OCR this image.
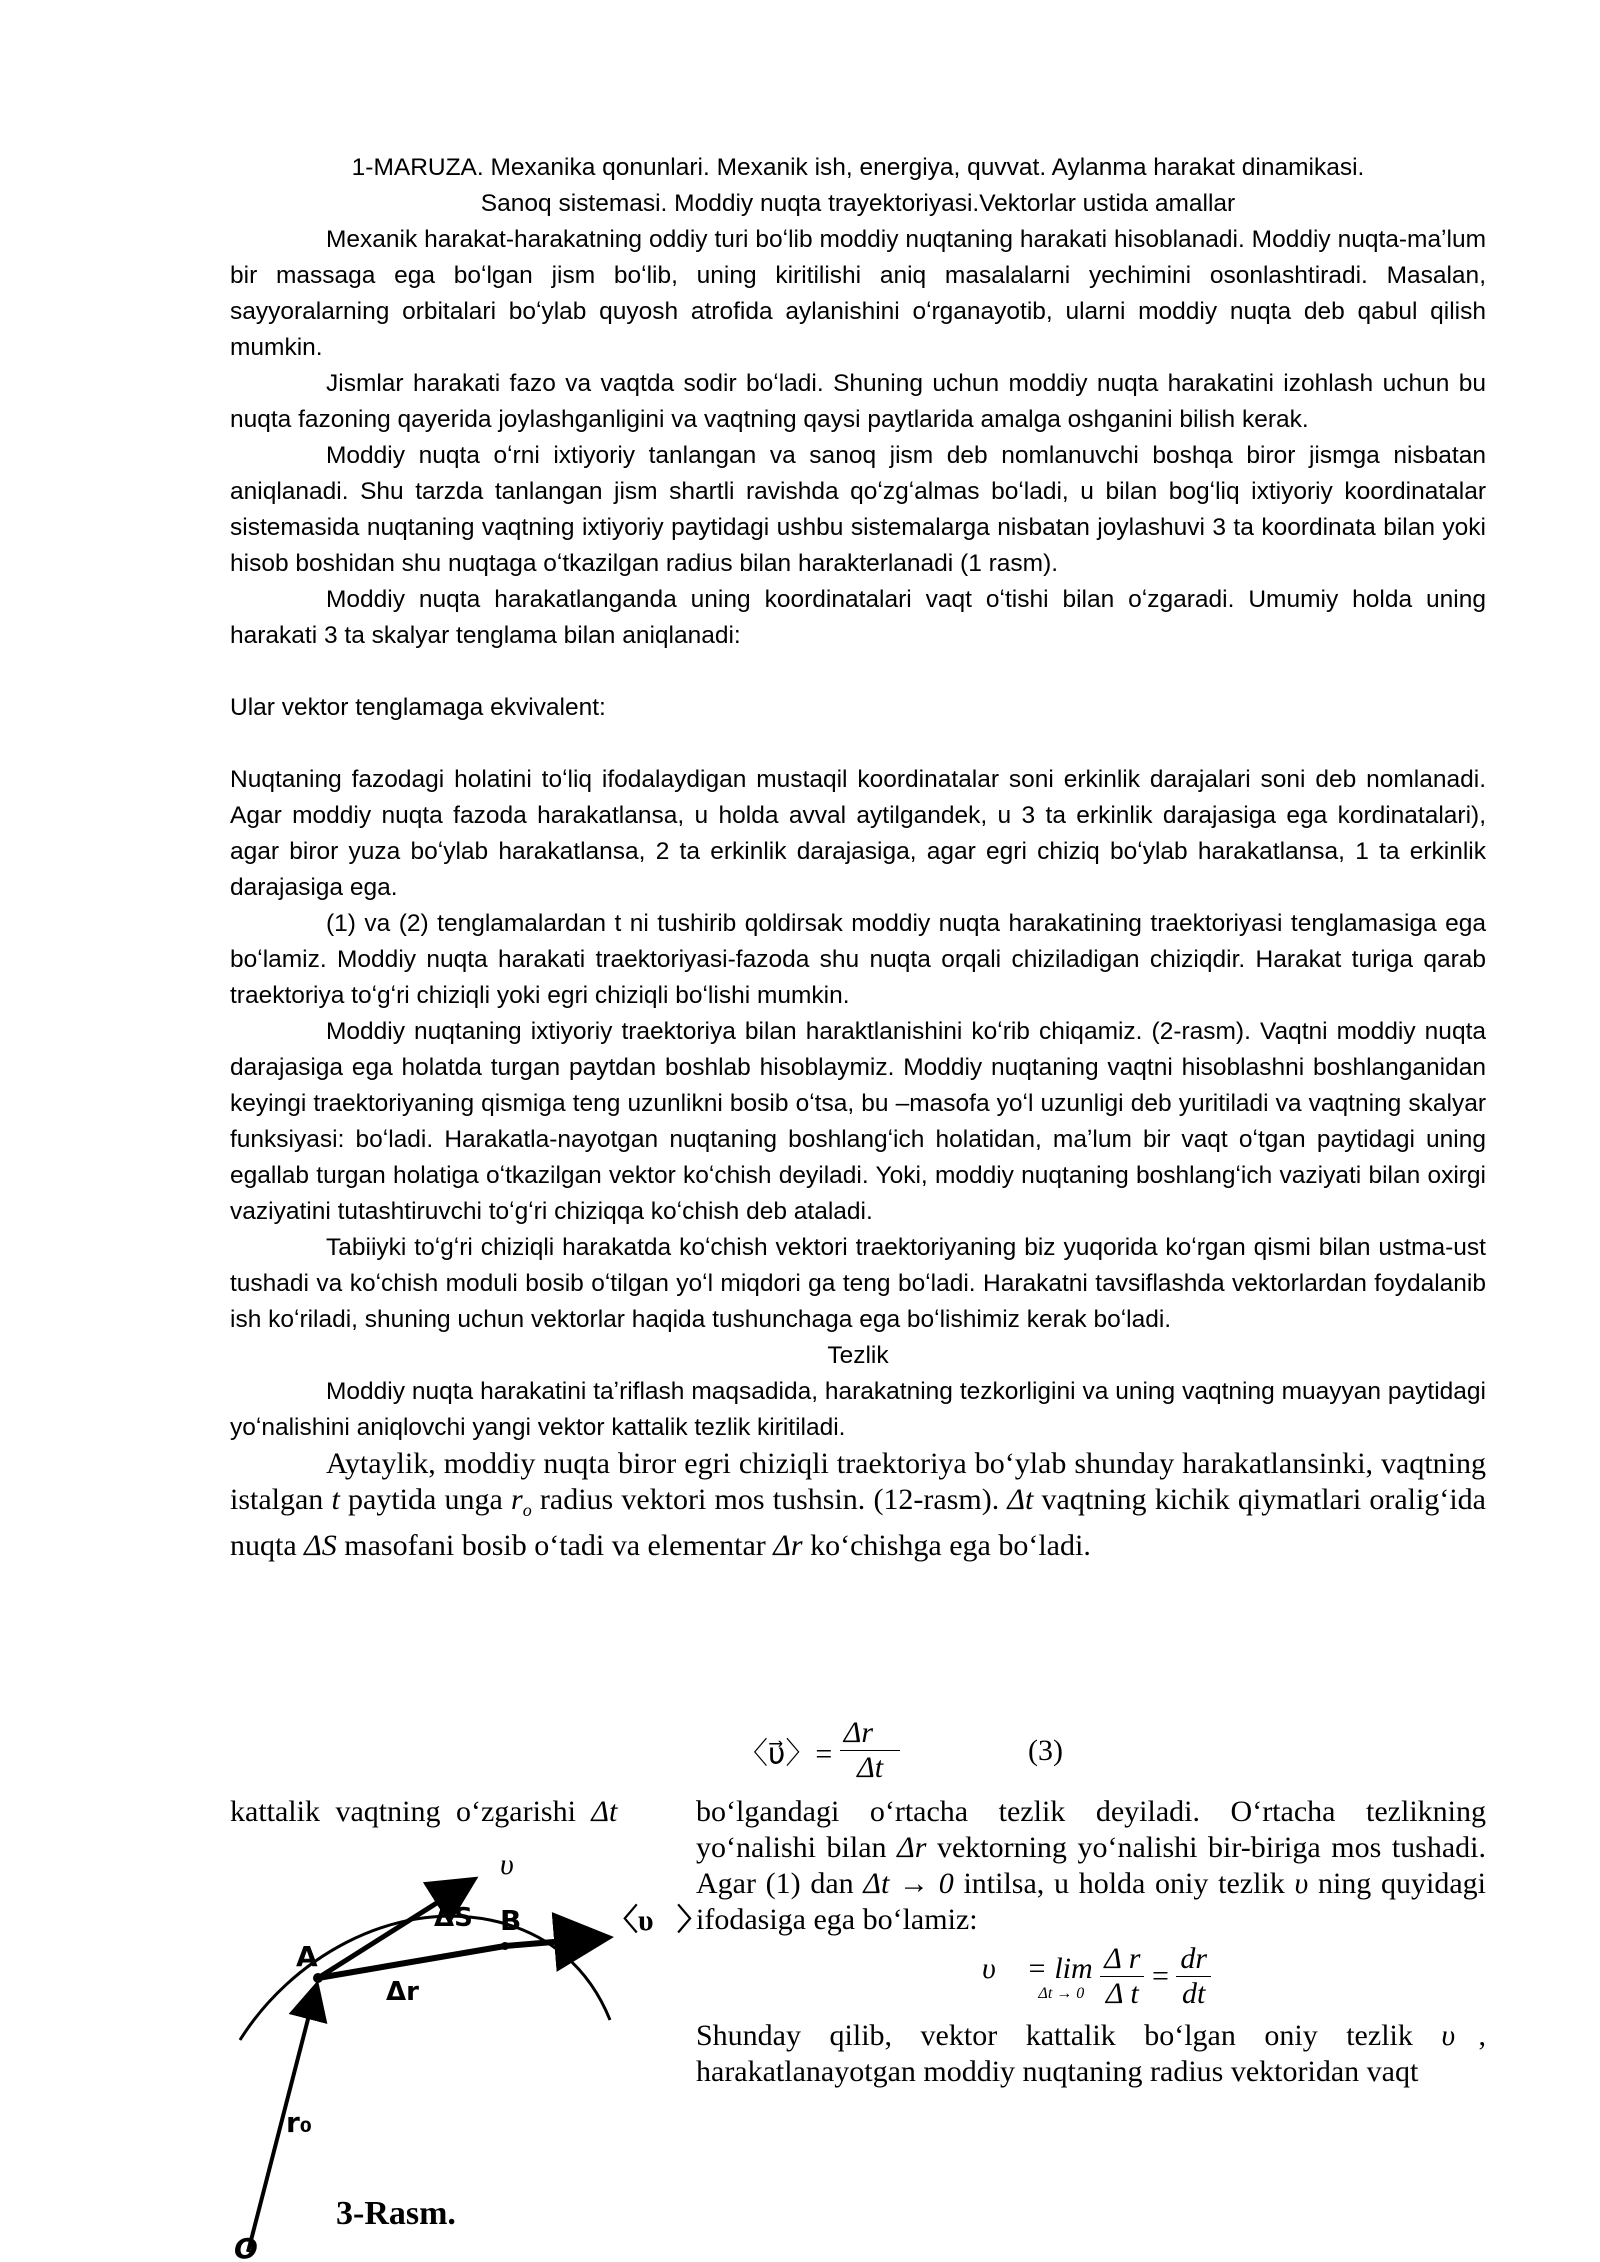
1-MARUZA. Mexanika qonunlari. Mexanik ish, energiya, quvvat. Aylanma harakat dinamikasi.
Sanoq sistemasi. Moddiy nuqta trayektoriyasi.Vektorlar ustida amallar

Mexanik harakat-harakatning oddiy turi boʻlib moddiy nuqtaning harakati hisoblanadi. Moddiy nuqta-maʼlum bir massaga ega boʻlgan jism boʻlib, uning kiritilishi aniq masalalarni yechimini osonlashtiradi. Masalan, sayyoralarning orbitalari boʻylab quyosh atrofida aylanishini oʻrganayotib, ularni moddiy nuqta deb qabul qilish mumkin.

Jismlar harakati fazo va vaqtda sodir boʻladi. Shuning uchun moddiy nuqta harakatini izohlash uchun bu nuqta fazoning qayerida joylashganligini va vaqtning qaysi paytlarida amalga oshganini bilish kerak.

Moddiy nuqta oʻrni ixtiyoriy tanlangan va sanoq jism deb nomlanuvchi boshqa biror jismga nisbatan aniqlanadi. Shu tarzda tanlangan jism shartli ravishda qoʻzgʻalmas boʻladi, u bilan bogʻliq ixtiyoriy koordinatalar sistemasida nuqtaning vaqtning ixtiyoriy paytidagi ushbu sistemalarga nisbatan joylashuvi 3 ta koordinata bilan yoki hisob boshidan shu nuqtaga oʻtkazilgan radius bilan harakterlanadi (1 rasm).

Moddiy nuqta harakatlanganda uning koordinatalari vaqt oʻtishi bilan oʻzgaradi. Umumiy holda uning harakati 3 ta skalyar tenglama bilan aniqlanadi:

Ular vektor tenglamaga ekvivalent:

Nuqtaning fazodagi holatini toʻliq ifodalaydigan mustaqil koordinatalar soni erkinlik darajalari soni deb nomlanadi. Agar moddiy nuqta fazoda harakatlansa, u holda avval aytilgandek, u 3 ta erkinlik darajasiga ega kordinatalari), agar biror yuza boʻylab harakatlansa, 2 ta erkinlik darajasiga, agar egri chiziq boʻylab harakatlansa, 1 ta erkinlik darajasiga ega.

(1) va (2) tenglamalardan t ni tushirib qoldirsak moddiy nuqta harakatining traektoriyasi tenglamasiga ega boʻlamiz. Moddiy nuqta harakati traektoriyasi-fazoda shu nuqta orqali chiziladigan chiziqdir. Harakat turiga qarab traektoriya toʻgʻri chiziqli yoki egri chiziqli boʻlishi mumkin.

Moddiy nuqtaning ixtiyoriy traektoriya bilan haraktlanishini koʻrib chiqamiz. (2-rasm). Vaqtni moddiy nuqta darajasiga ega holatda turgan paytdan boshlab hisoblaymiz. Moddiy nuqtaning vaqtni hisoblashni boshlanganidan keyingi traektoriyaning qismiga teng uzunlikni bosib oʻtsa, bu –masofa yoʻl uzunligi deb yuritiladi va vaqtning skalyar funksiyasi: boʻladi. Harakatla-nayotgan nuqtaning boshlangʻich holatidan, maʼlum bir vaqt oʻtgan paytidagi uning egallab turgan holatiga oʻtkazilgan vektor koʻchish deyiladi. Yoki, moddiy nuqtaning boshlangʻich vaziyati bilan oxirgi vaziyatini tutashtiruvchi toʻgʻri chiziqqa koʻchish deb ataladi.

Tabiiyki toʻgʻri chiziqli harakatda koʻchish vektori traektoriyaning biz yuqorida koʻrgan qismi bilan ustma-ust tushadi va koʻchish moduli bosib oʻtilgan yoʻl miqdori ga teng boʻladi. Harakatni tavsiflashda vektorlardan foydalanib ish koʻriladi, shuning uchun vektorlar haqida tushunchaga ega boʻlishimiz kerak boʻladi.

Tezlik

Moddiy nuqta harakatini taʼriflash maqsadida, harakatning tezkorligini va uning vaqtning muayyan paytidagi yoʻnalishini aniqlovchi yangi vektor kattalik tezlik kiritiladi.

Aytaylik, moddiy nuqta biror egri chiziqli traektoriya boʻylab shunday harakatlansinki, vaqtning istalgan t paytida unga $r_o$ radius vektori mos tushsin. (12-rasm). Δt vaqtning kichik qiymatlari oraligʻida nuqta ΔS masofani bosib oʻtadi va elementar Δr koʻchishga ega boʻladi.

〈υ⃗〉= $\frac{\Delta r⃗}{\Delta t}$	(3)
kattalik vaqtning oʻzgarishi Δt	boʻlgandagi oʻrtacha tezlik deyiladi. Oʻrtacha tezlikning yoʻnalishi bilan Δr vektorning yoʻnalishi bir-biriga mos tushadi. Agar (1) dan Δt → 0 intilsa, u holda oniy tezlik υ ning quyidagi ifodasiga ega boʻlamiz:

υ⃗ = lim
Δt → 0
$\frac{\text{Δ r}}{\text{Δ t}} = \frac{dr}{dt}$

Shunday qilib, vektor kattalik boʻlgan oniy tezlik υ⃗, harakatlanayotgan moddiy nuqtaning radius vektoridan vaqt

υ⃗
A
ΔS B	〈υ⃗〉
Δr
r₀
O
3-Rasm.
